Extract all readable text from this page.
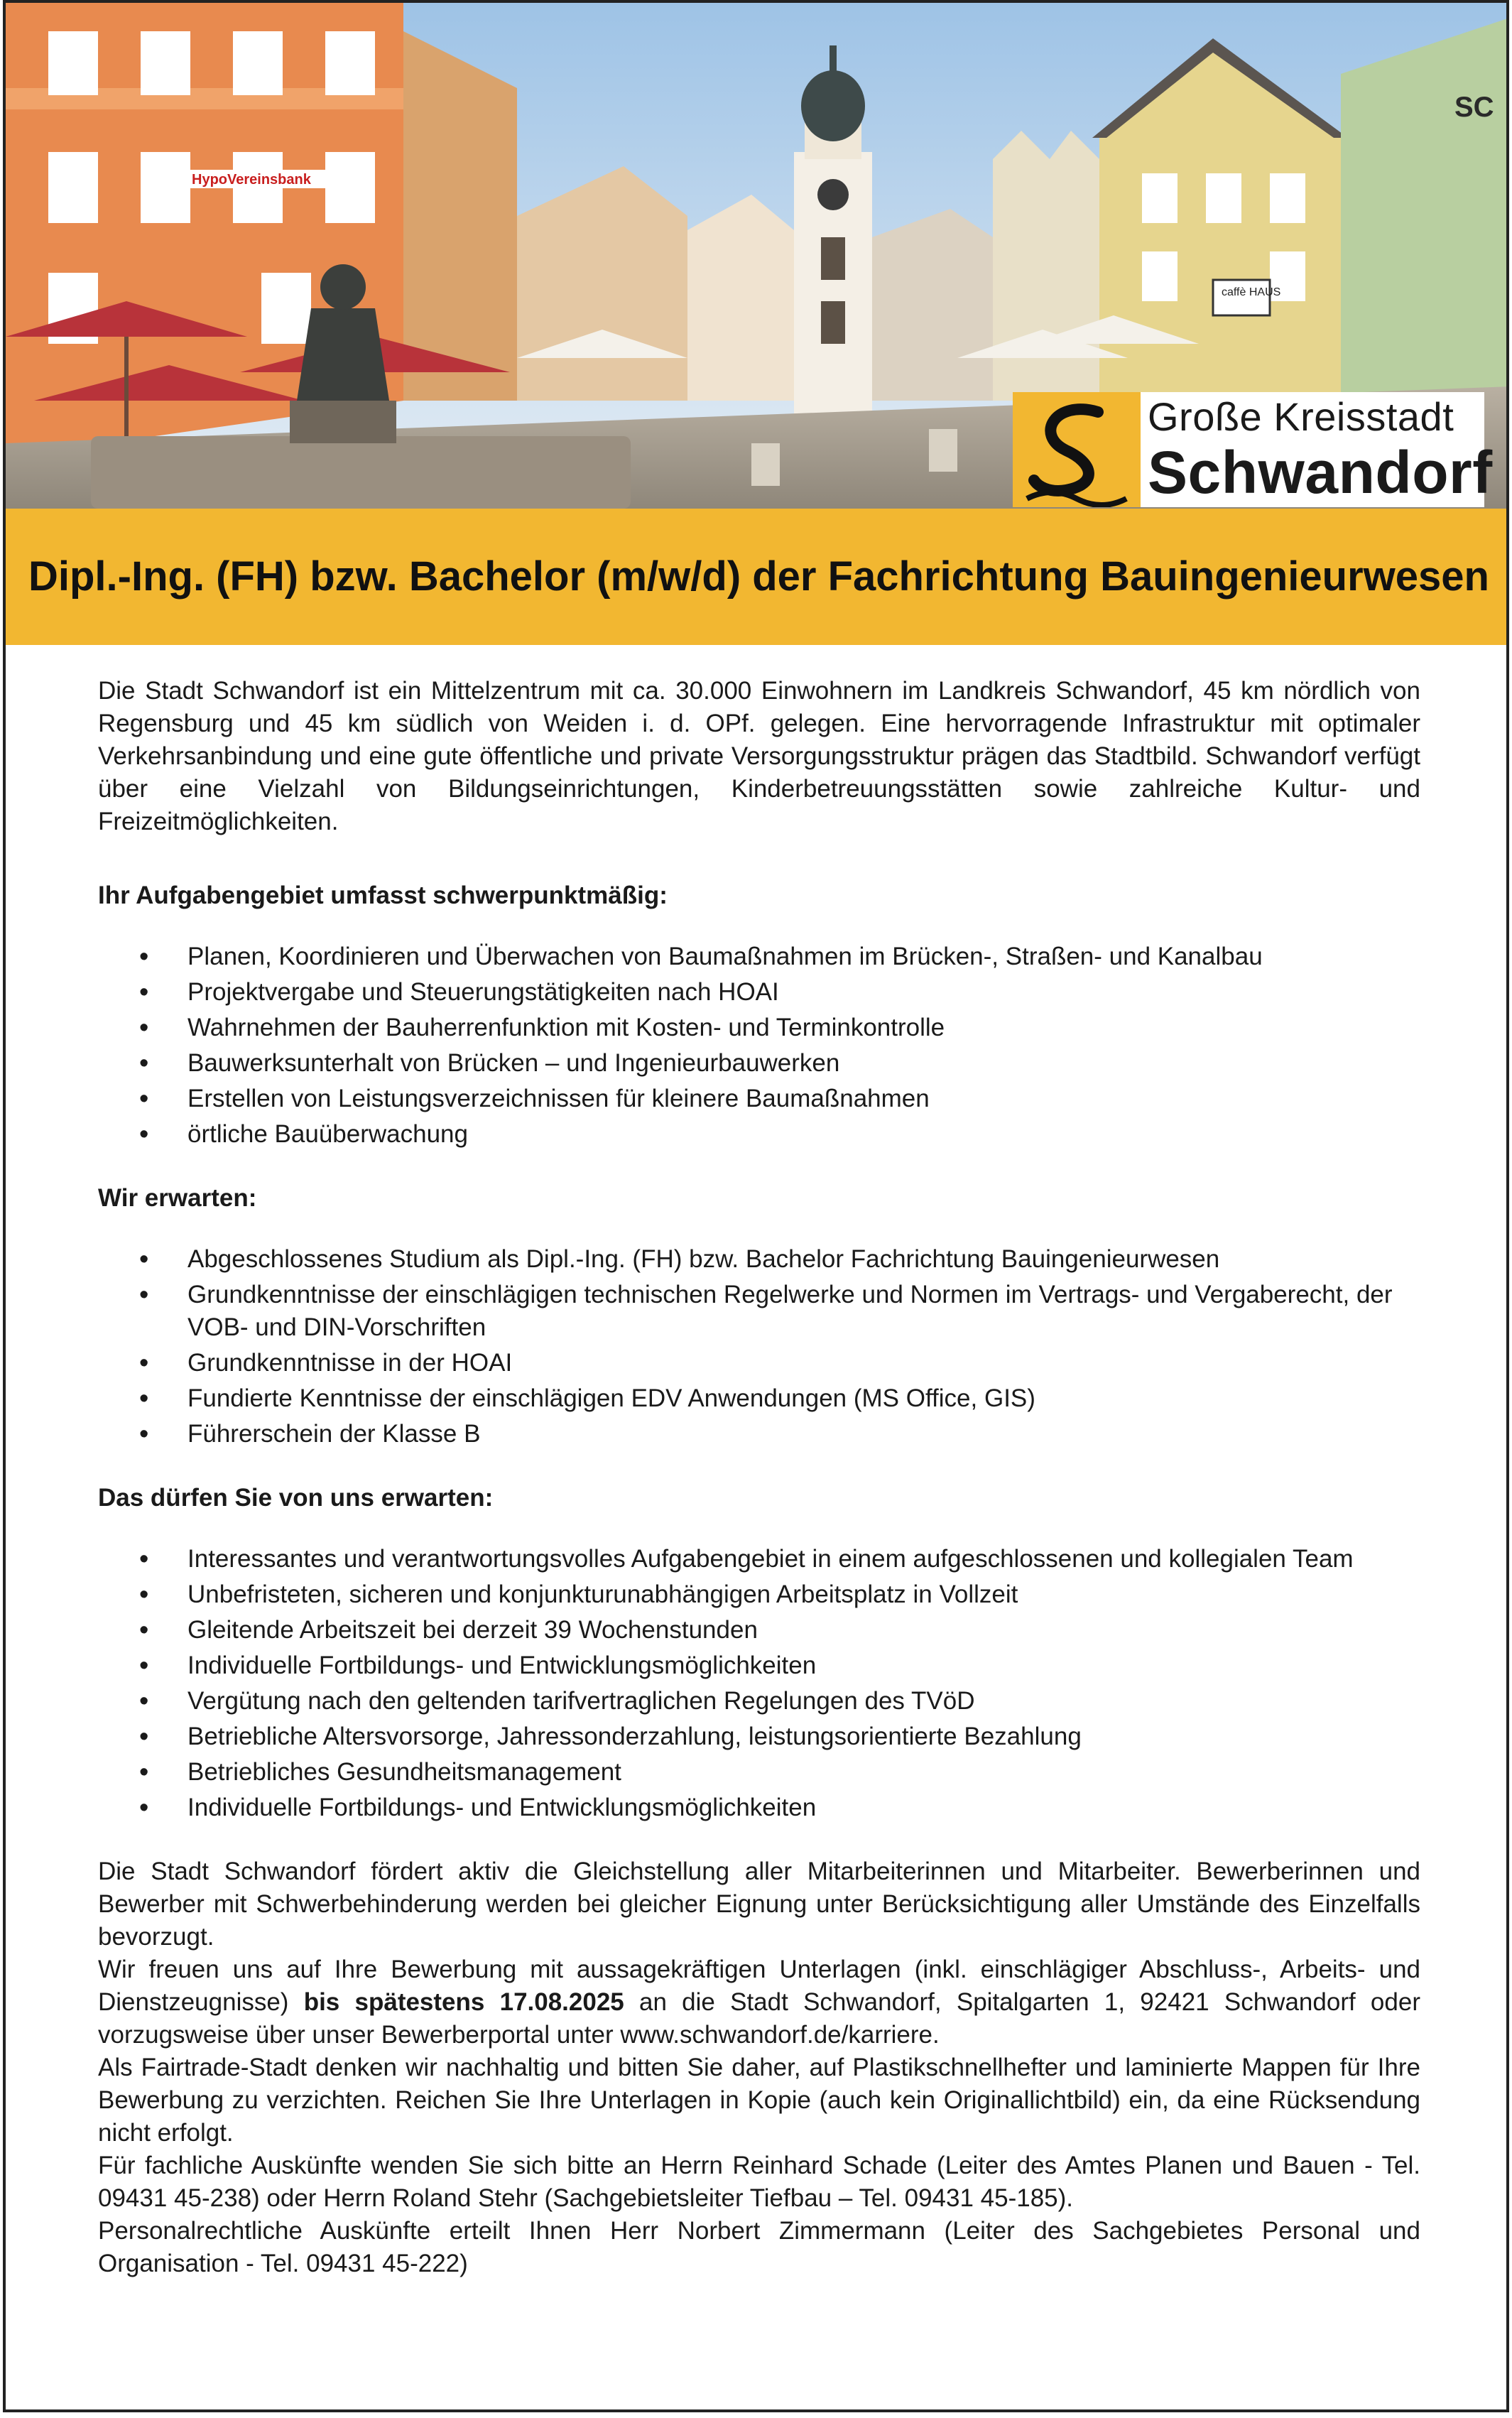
HypoVereinsbank
caffè HAUS
SC
Große Kreisstadt
Schwandorf
Dipl.-Ing. (FH) bzw. Bachelor (m/w/d) der Fachrichtung Bauingenieurwesen

Die Stadt Schwandorf ist ein Mittelzentrum mit ca. 30.000 Einwohnern im Landkreis Schwandorf, 45 km nördlich von Regensburg und 45 km südlich von Weiden i. d. OPf. gelegen. Eine hervorragende Infrastruktur mit optimaler Verkehrsanbindung und eine gute öffentliche und private Versorgungsstruktur prägen das Stadtbild. Schwandorf verfügt über eine Vielzahl von Bildungseinrichtungen, Kinderbetreuungsstätten sowie zahlreiche Kultur- und Freizeitmöglichkeiten.

Ihr Aufgabengebiet umfasst schwerpunktmäßig:

• Planen, Koordinieren und Überwachen von Baumaßnahmen im Brücken-, Straßen- und Kanalbau
• Projektvergabe und Steuerungstätigkeiten nach HOAI
• Wahrnehmen der Bauherrenfunktion mit Kosten- und Terminkontrolle
• Bauwerksunterhalt von Brücken – und Ingenieurbauwerken
• Erstellen von Leistungsverzeichnissen für kleinere Baumaßnahmen
• örtliche Bauüberwachung

Wir erwarten:

• Abgeschlossenes Studium als Dipl.-Ing. (FH) bzw. Bachelor Fachrichtung Bauingenieurwesen
• Grundkenntnisse der einschlägigen technischen Regelwerke und Normen im Vertrags- und Vergaberecht, der VOB- und DIN-Vorschriften
• Grundkenntnisse in der HOAI
• Fundierte Kenntnisse der einschlägigen EDV Anwendungen (MS Office, GIS)
• Führerschein der Klasse B

Das dürfen Sie von uns erwarten:

• Interessantes und verantwortungsvolles Aufgabengebiet in einem aufgeschlossenen und kollegialen Team
• Unbefristeten, sicheren und konjunkturunabhängigen Arbeitsplatz in Vollzeit
• Gleitende Arbeitszeit bei derzeit 39 Wochenstunden
• Individuelle Fortbildungs- und Entwicklungsmöglichkeiten
• Vergütung nach den geltenden tarifvertraglichen Regelungen des TVöD
• Betriebliche Altersvorsorge, Jahressonderzahlung, leistungsorientierte Bezahlung
• Betriebliches Gesundheitsmanagement
• Individuelle Fortbildungs- und Entwicklungsmöglichkeiten

Die Stadt Schwandorf fördert aktiv die Gleichstellung aller Mitarbeiterinnen und Mitarbeiter. Bewerberinnen und Bewerber mit Schwerbehinderung werden bei gleicher Eignung unter Berücksichtigung aller Umstände des Einzelfalls bevorzugt.

Wir freuen uns auf Ihre Bewerbung mit aussagekräftigen Unterlagen (inkl. einschlägiger Abschluss-, Arbeits- und Dienstzeugnisse) bis spätestens 17.08.2025 an die Stadt Schwandorf, Spitalgarten 1, 92421 Schwandorf oder vorzugsweise über unser Bewerberportal unter www.schwandorf.de/karriere.

Als Fairtrade-Stadt denken wir nachhaltig und bitten Sie daher, auf Plastikschnellhefter und laminierte Mappen für Ihre Bewerbung zu verzichten. Reichen Sie Ihre Unterlagen in Kopie (auch kein Originallichtbild) ein, da eine Rücksendung nicht erfolgt.

Für fachliche Auskünfte wenden Sie sich bitte an Herrn Reinhard Schade (Leiter des Amtes Planen und Bauen - Tel. 09431 45-238) oder Herrn Roland Stehr (Sachgebietsleiter Tiefbau – Tel. 09431 45-185).

Personalrechtliche Auskünfte erteilt Ihnen Herr Norbert Zimmermann (Leiter des Sachgebietes Personal und Organisation - Tel. 09431 45-222)
